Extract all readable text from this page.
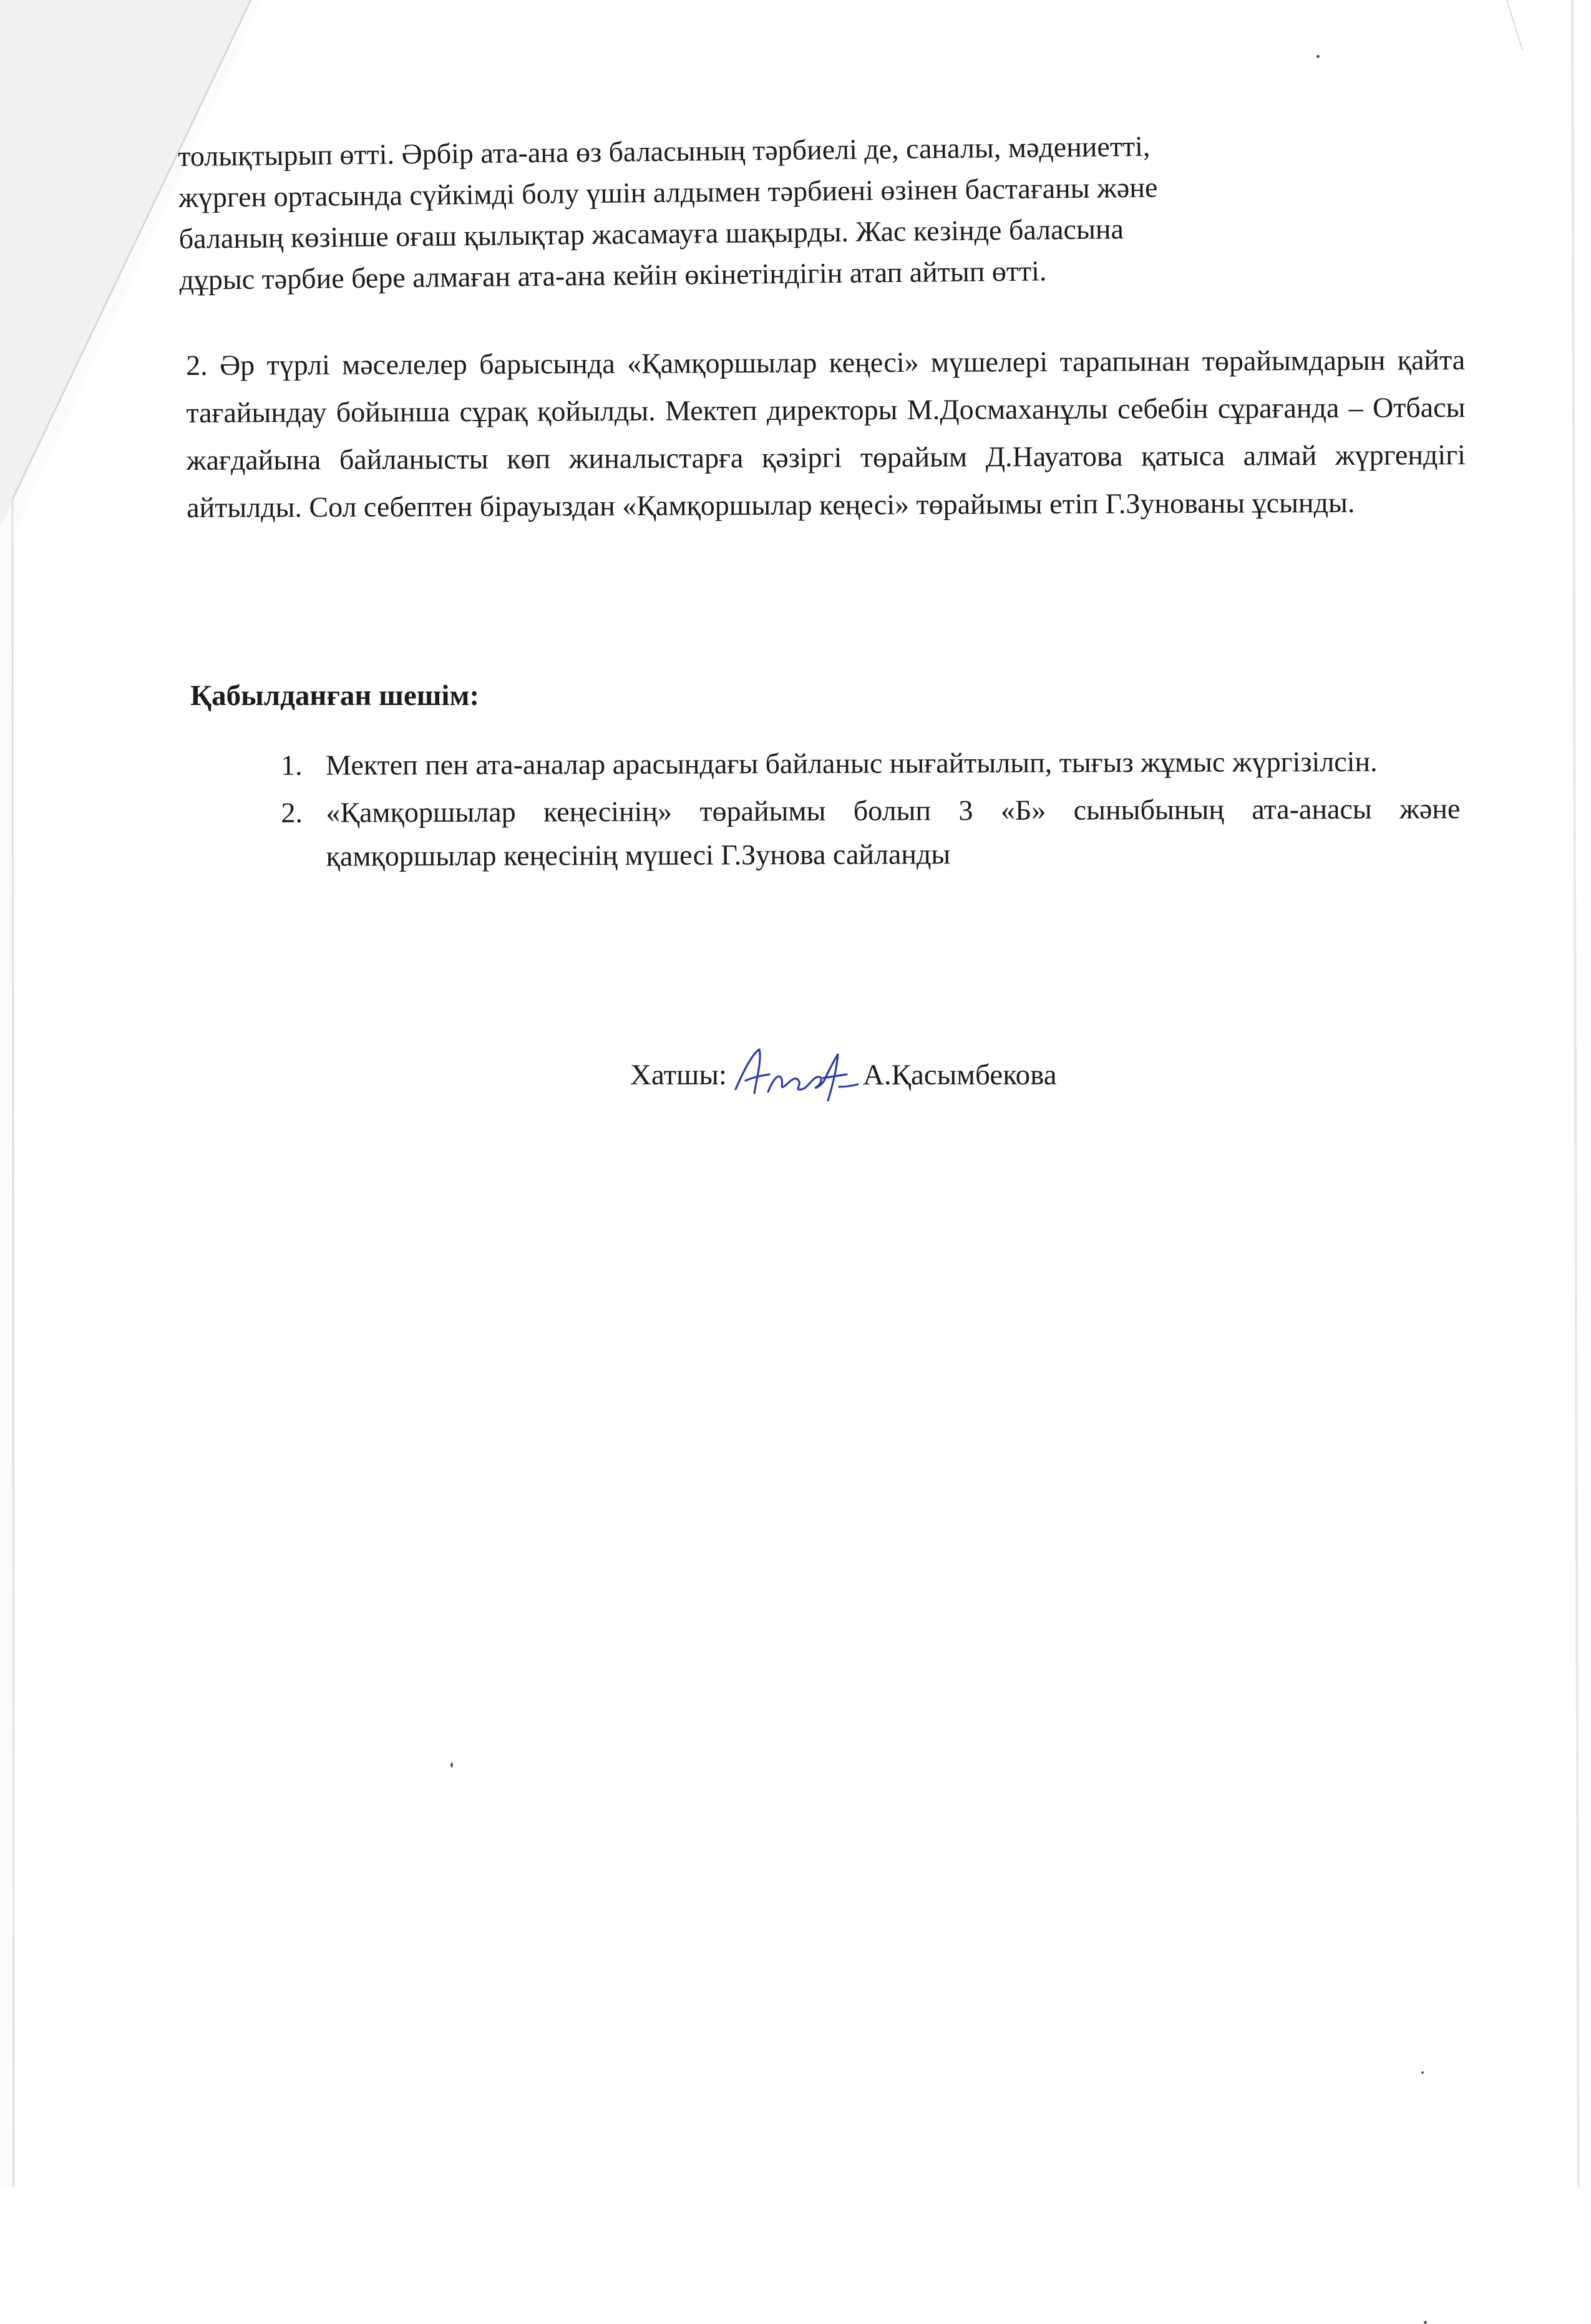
толықтырып өтті. Әрбір ата-ана өз баласының тәрбиелі де, саналы, мәдениетті,
жүрген ортасында сүйкімді болу үшін алдымен тәрбиені өзінен бастағаны және
баланың көзінше оғаш қылықтар жасамауға шақырды. Жас кезінде баласына
дұрыс тәрбие бере алмаған ата-ана кейін өкінетіндігін атап айтып өтті.
2. Әр түрлі мәселелер барысында «Қамқоршылар кеңесі» мүшелері тарапынан төрайымдарын қайта тағайындау бойынша сұрақ қойылды. Мектеп директоры М.Досмаханұлы себебін сұрағанда – Отбасы жағдайына байланысты көп жиналыстарға қәзіргі төрайым Д.Науатова қатыса алмай жүргендігі айтылды. Сол себептен бірауыздан «Қамқоршылар кеңесі» төрайымы етіп Г.Зунованы ұсынды.
Қабылданған шешім:
1. Мектеп пен ата-аналар арасындағы байланыс нығайтылып, тығыз жұмыс жүргізілсін.
2. «Қамқоршылар кеңесінің» төрайымы болып 3 «Б» сыныбының ата-анасы және қамқоршылар кеңесінің мүшесі Г.Зунова сайланды
Хатшы:	А.Қасымбекова
